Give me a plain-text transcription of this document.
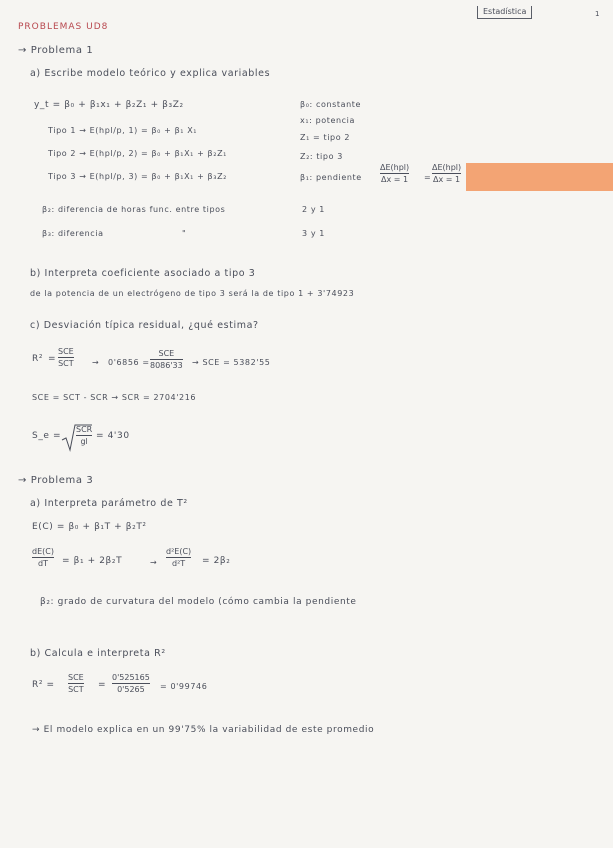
Estadística	1
PROBLEMAS UD8
→ Problema 1
a) Escribe modelo teórico y explica variables
y_t = β₀ + β₁x₁ + β₂Z₁ + β₃Z₂
Tipo 1 → E(hpl/p, 1) = β₀ + β₁ X₁
Tipo 2 → E(hpl/p, 2) = β₀ + β₁X₁ + β₂Z₁
Tipo 3 → E(hpl/p, 3) = β₀ + β₁X₁ + β₃Z₂
β₀: constante
x₁: potencia
Z₁ = tipo 2
Z₂: tipo 3
β₁: pendiente
ΔE(hpl)
Δx = 1 =
ΔE(hpl)
Δx = 1
β₂: diferencia de horas func. entre tipos	2 y 1
β₃: diferencia	"	3 y 1
b) Interpreta coeficiente asociado a tipo 3
de la potencia de un electrógeno de tipo 3 será la de tipo 1 + 3'74923
c) Desviación típica residual, ¿qué estima?
R² =
SCE
SCT → 0'6856 =
SCE
8086'33 → SCE = 5382'55
SCE = SCT - SCR → SCR = 2704'216
S_e =
SCR
gl
= 4'30
→ Problema 3
a) Interpreta parámetro de T²
E(C) = β₀ + β₁T + β₂T²
dE(C)
dT	= β₁ + 2β₂T	→
d²E(C)
d²T	= 2β₂
β₂: grado de curvatura del modelo (cómo cambia la pendiente
b) Calcula e interpreta R²
R² =
SCE
SCT =
0'525165
0'5265	= 0'99746
→ El modelo explica en un 99'75% la variabilidad de este promedio
